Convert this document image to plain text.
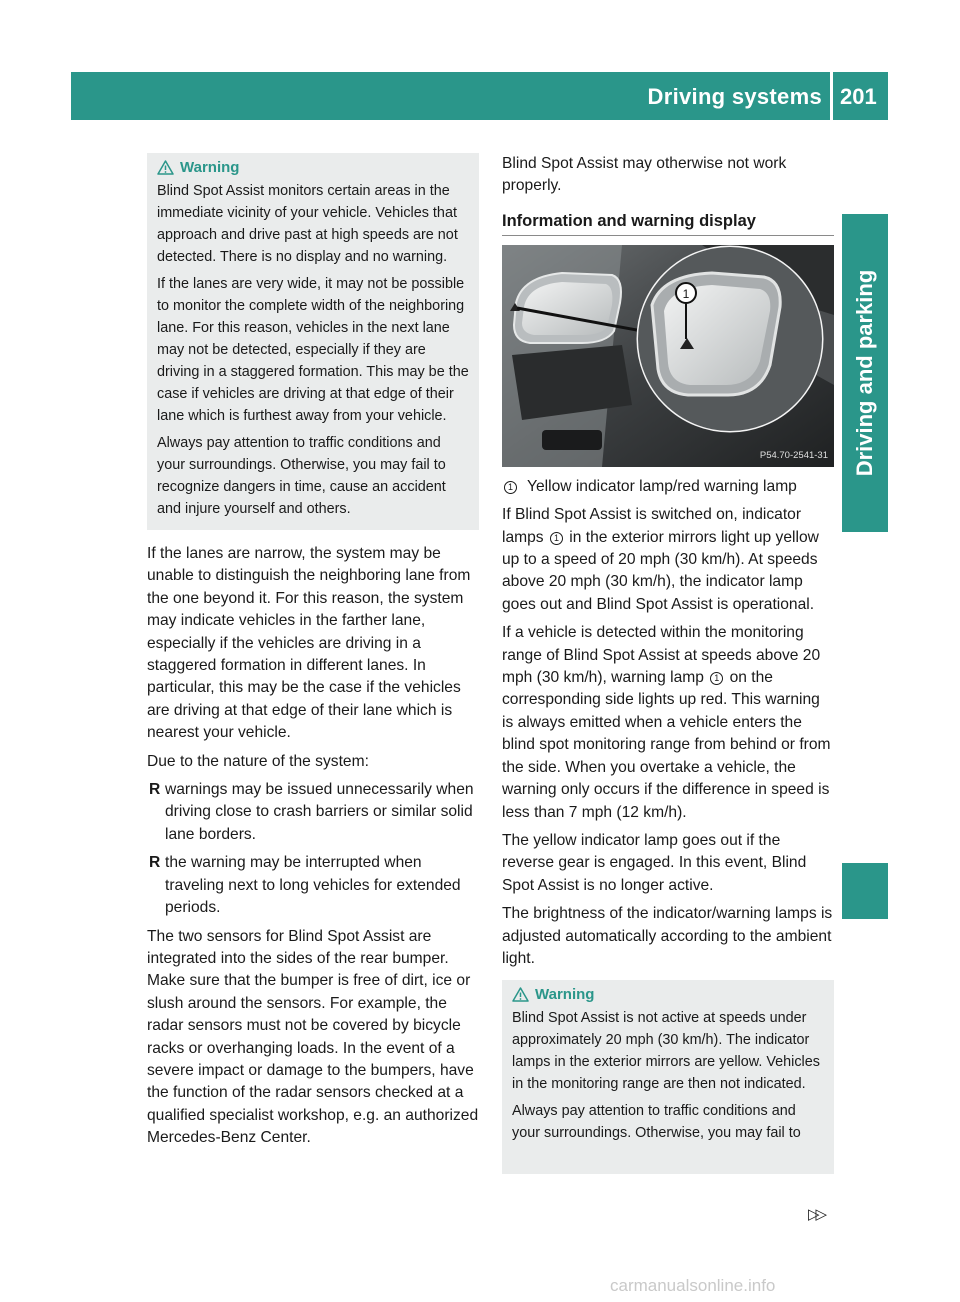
Driving systems 201
Driving and parking
Warning

Blind Spot Assist monitors certain areas in the immediate vicinity of your vehicle. Vehicles that approach and drive past at high speeds are not detected. There is no display and no warning.

If the lanes are very wide, it may not be possible to monitor the complete width of the neighboring lane. For this reason, vehicles in the next lane may not be detected, especially if they are driving in a staggered formation. This may be the case if vehicles are driving at that edge of their lane which is furthest away from your vehicle.

Always pay attention to traffic conditions and your surroundings. Otherwise, you may fail to recognize dangers in time, cause an accident and injure yourself and others.

If the lanes are narrow, the system may be unable to distinguish the neighboring lane from the one beyond it. For this reason, the system may indicate vehicles in the farther lane, especially if the vehicles are driving in a staggered formation in different lanes. In particular, this may be the case if the vehicles are driving at that edge of their lane which is nearest your vehicle.

Due to the nature of the system:

R warnings may be issued unnecessarily when driving close to crash barriers or similar solid lane borders.
R the warning may be interrupted when traveling next to long vehicles for extended periods.

The two sensors for Blind Spot Assist are integrated into the sides of the rear bumper. Make sure that the bumper is free of dirt, ice or slush around the sensors. For example, the radar sensors must not be covered by bicycle racks or overhanging loads. In the event of a severe impact or damage to the bumpers, have the function of the radar sensors checked at a qualified specialist workshop, e.g. an authorized Mercedes-Benz Center.

Blind Spot Assist may otherwise not work properly.

Information and warning display
1
P54.70-2541-31
1 Yellow indicator lamp/red warning lamp

If Blind Spot Assist is switched on, indicator lamps 1 in the exterior mirrors light up yellow up to a speed of 20 mph (30 km/h). At speeds above 20 mph (30 km/h), the indicator lamp goes out and Blind Spot Assist is operational.

If a vehicle is detected within the monitoring range of Blind Spot Assist at speeds above 20 mph (30 km/h), warning lamp 1 on the corresponding side lights up red. This warning is always emitted when a vehicle enters the blind spot monitoring range from behind or from the side. When you overtake a vehicle, the warning only occurs if the difference in speed is less than 7 mph (12 km/h).

The yellow indicator lamp goes out if the reverse gear is engaged. In this event, Blind Spot Assist is no longer active.

The brightness of the indicator/warning lamps is adjusted automatically according to the ambient light.

Warning

Blind Spot Assist is not active at speeds under approximately 20 mph (30 km/h). The indicator lamps in the exterior mirrors are yellow. Vehicles in the monitoring range are then not indicated.

Always pay attention to traffic conditions and your surroundings. Otherwise, you may fail to

▷▷
carmanualsonline.info
